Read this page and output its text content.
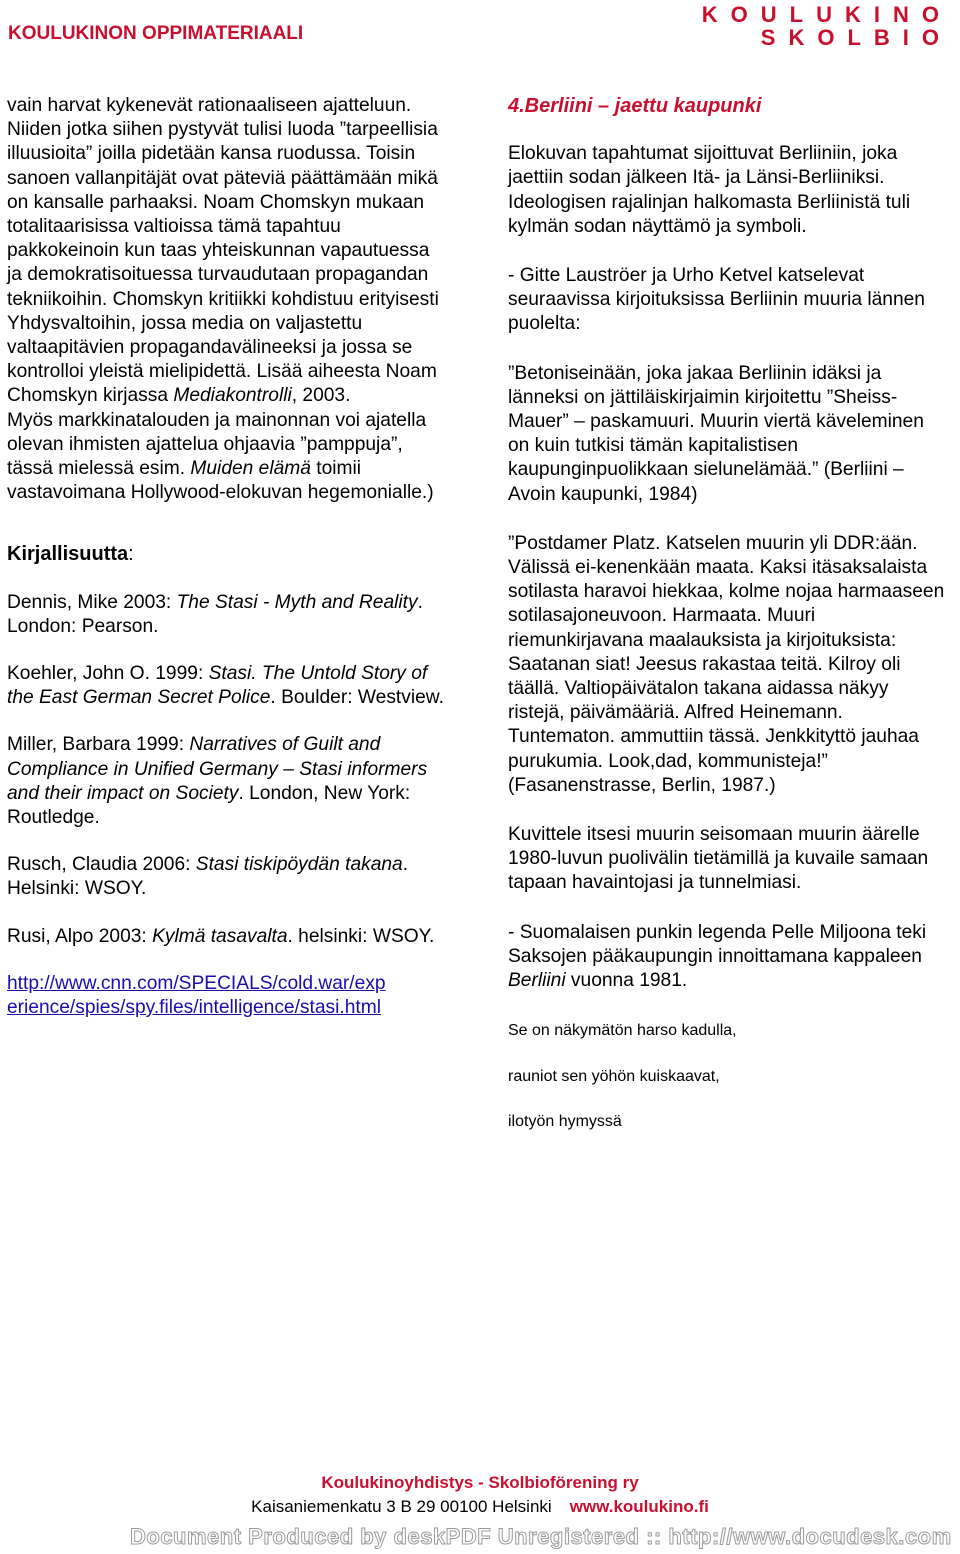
KOULUKINON OPPIMATERIAALI
KOULUKINO
SKOLBIO

vain harvat kykenevät rationaaliseen ajatteluun. Niiden jotka siihen pystyvät tulisi luoda ”tarpeellisia illuusioita” joilla pidetään kansa ruodussa. Toisin sanoen vallanpitäjät ovat päteviä päättämään mikä on kansalle parhaaksi. Noam Chomskyn mukaan totalitaarisissa valtioissa tämä tapahtuu pakkokeinoin kun taas yhteiskunnan vapautuessa ja demokratisoituessa turvaudutaan propagandan tekniikoihin. Chomskyn kritiikki kohdistuu erityisesti Yhdysvaltoihin, jossa media on valjastettu valtaapitävien propagandavälineeksi ja jossa se kontrolloi yleistä mielipidettä. Lisää aiheesta Noam Chomskyn kirjassa Mediakontrolli, 2003.

Myös markkinatalouden ja mainonnan voi ajatella olevan ihmisten ajattelua ohjaavia ”pamppuja”, tässä mielessä esim. Muiden elämä toimii vastavoimana Hollywood-elokuvan hegemonialle.)

Kirjallisuutta:

Dennis, Mike 2003: The Stasi - Myth and Reality. London: Pearson.

Koehler, John O. 1999: Stasi. The Untold Story of the East German Secret Police. Boulder: Westview.

Miller, Barbara 1999: Narratives of Guilt and Compliance in Unified Germany – Stasi informers and their impact on Society. London, New York: Routledge.

Rusch, Claudia 2006: Stasi tiskipöydän takana. Helsinki: WSOY.

Rusi, Alpo 2003: Kylmä tasavalta. helsinki: WSOY.

http://www.cnn.com/SPECIALS/cold.war/exp
erience/spies/spy.files/intelligence/stasi.html

4.Berliini – jaettu kaupunki

Elokuvan tapahtumat sijoittuvat Berliiniin, joka jaettiin sodan jälkeen Itä- ja Länsi-Berliiniksi. Ideologisen rajalinjan halkomasta Berliinistä tuli kylmän sodan näyttämö ja symboli.

- Gitte Lauströer ja Urho Ketvel katselevat seuraavissa kirjoituksissa Berliinin muuria lännen puolelta:

”Betoniseinään, joka jakaa Berliinin idäksi ja länneksi on jättiläiskirjaimin kirjoitettu ”Sheiss-Mauer” – paskamuuri. Muurin viertä käveleminen on kuin tutkisi tämän kapitalistisen kaupunginpuolikkaan sielunelämää.” (Berliini – Avoin kaupunki, 1984)

”Postdamer Platz. Katselen muurin yli DDR:ään. Välissä ei-kenenkään maata. Kaksi itäsaksalaista sotilasta haravoi hiekkaa, kolme nojaa harmaaseen sotilasajoneuvoon. Harmaata. Muuri riemunkirjavana maalauksista ja kirjoituksista: Saatanan siat! Jeesus rakastaa teitä. Kilroy oli täällä. Valtiopäivätalon takana aidassa näkyy ristejä, päivämääriä. Alfred Heinemann. Tuntematon. ammuttiin tässä. Jenkkityttö jauhaa purukumia. Look,dad, kommunisteja!” (Fasanenstrasse, Berlin, 1987.)

Kuvittele itsesi muurin seisomaan muurin äärelle 1980-luvun puolivälin tietämillä ja kuvaile samaan tapaan havaintojasi ja tunnelmiasi.

- Suomalaisen punkin legenda Pelle Miljoona teki Saksojen pääkaupungin innoittamana kappaleen Berliini vuonna 1981.

Se on näkymätön harso kadulla,

rauniot sen yöhön kuiskaavat,

ilotyön hymyssä

Koulukinoyhdistys - Skolbioförening ry
Kaisaniemenkatu 3 B 29 00100 Helsinki www.koulukino.fi
Document Produced by deskPDF Unregistered :: http://www.docudesk.com
